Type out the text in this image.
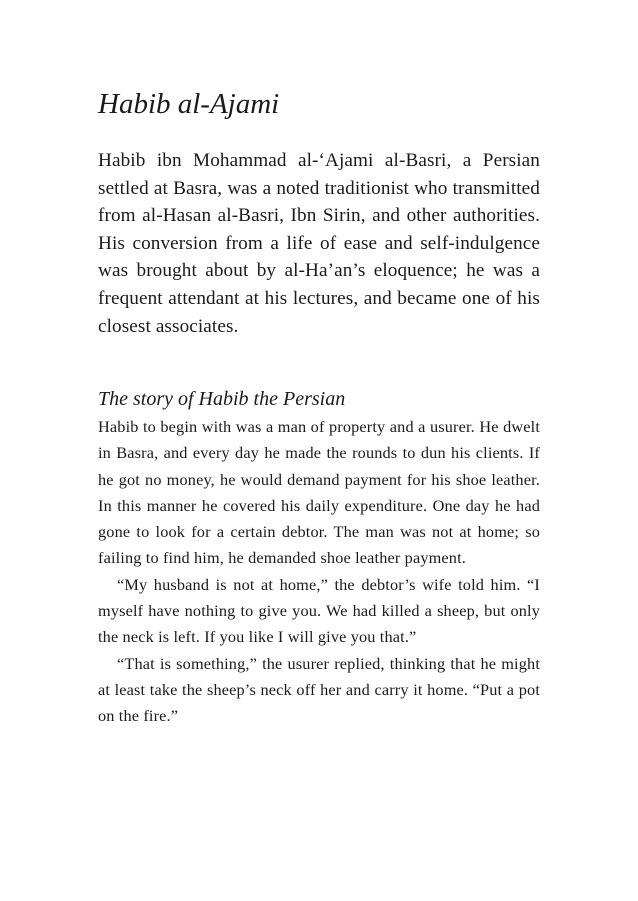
Habib al-Ajami

Habib ibn Mohammad al-‘Ajami al-Basri, a Persian settled at Basra, was a noted traditionist who transmitted from al-Hasan al-Basri, Ibn Sirin, and other authorities. His conversion from a life of ease and self-indulgence was brought about by al-Ha’an’s eloquence; he was a frequent attendant at his lectures, and became one of his closest associates.

The story of Habib the Persian

Habib to begin with was a man of property and a usurer. He dwelt in Basra, and every day he made the rounds to dun his clients. If he got no money, he would demand payment for his shoe leather. In this manner he covered his daily expenditure. One day he had gone to look for a certain debtor. The man was not at home; so failing to find him, he demanded shoe leather payment.

“My husband is not at home,” the debtor’s wife told him. “I myself have nothing to give you. We had killed a sheep, but only the neck is left. If you like I will give you that.”

“That is something,” the usurer replied, thinking that he might at least take the sheep’s neck off her and carry it home. “Put a pot on the fire.”
